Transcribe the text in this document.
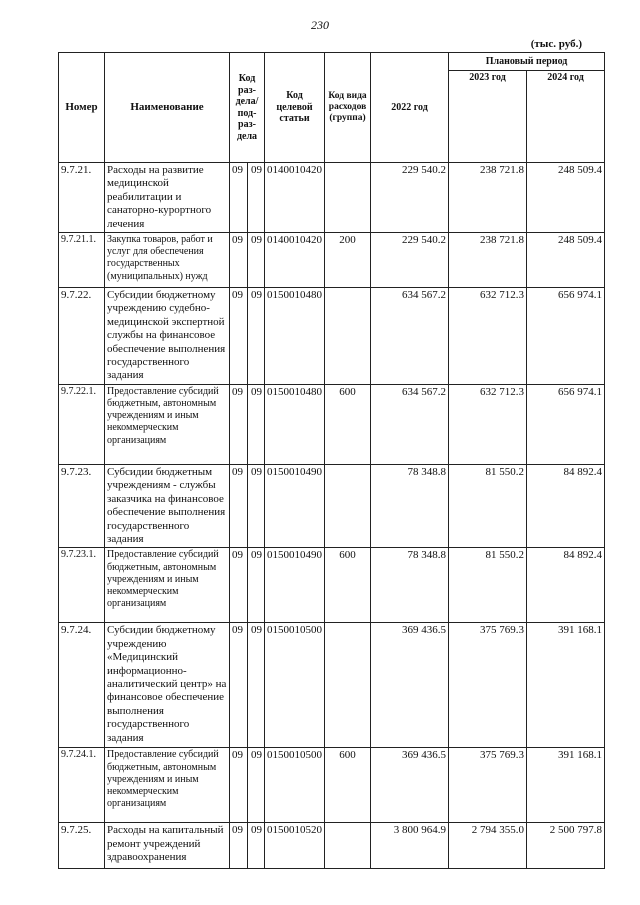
230
(тыс. руб.)
Номер	Наименование	Код раз-дела/ под-раз-дела		Код целевой статьи	Код вида расходов (группа)	2022 год	Плановый период	
							2023 год	2024 год
9.7.21.	Расходы на развитие медицинской реабилитации и санаторно-курортного лечения	09	09	0140010420		229 540.2	238 721.8	248 509.4
9.7.21.1.	Закупка товаров, работ и услуг для обеспечения государственных (муниципальных) нужд	09	09	0140010420	200	229 540.2	238 721.8	248 509.4
9.7.22.	Субсидии бюджетному учреждению судебно-медицинской экспертной службы на финансовое обеспечение выполнения государственного задания	09	09	0150010480		634 567.2	632 712.3	656 974.1
9.7.22.1.	Предоставление субсидий бюджетным, автономным учреждениям и иным некоммерческим организациям	09	09	0150010480	600	634 567.2	632 712.3	656 974.1
9.7.23.	Субсидии бюджетным учреждениям - службы заказчика на финансовое обеспечение выполнения государственного задания	09	09	0150010490		78 348.8	81 550.2	84 892.4
9.7.23.1.	Предоставление субсидий бюджетным, автономным учреждениям и иным некоммерческим организациям	09	09	0150010490	600	78 348.8	81 550.2	84 892.4
9.7.24.	Субсидии бюджетному учреждению «Медицинский информационно-аналитический центр» на финансовое обеспечение выполнения государственного задания	09	09	0150010500		369 436.5	375 769.3	391 168.1
9.7.24.1.	Предоставление субсидий бюджетным, автономным учреждениям и иным некоммерческим организациям	09	09	0150010500	600	369 436.5	375 769.3	391 168.1
9.7.25.	Расходы на капитальный ремонт учреждений здравоохранения	09	09	0150010520		3 800 964.9	2 794 355.0	2 500 797.8
